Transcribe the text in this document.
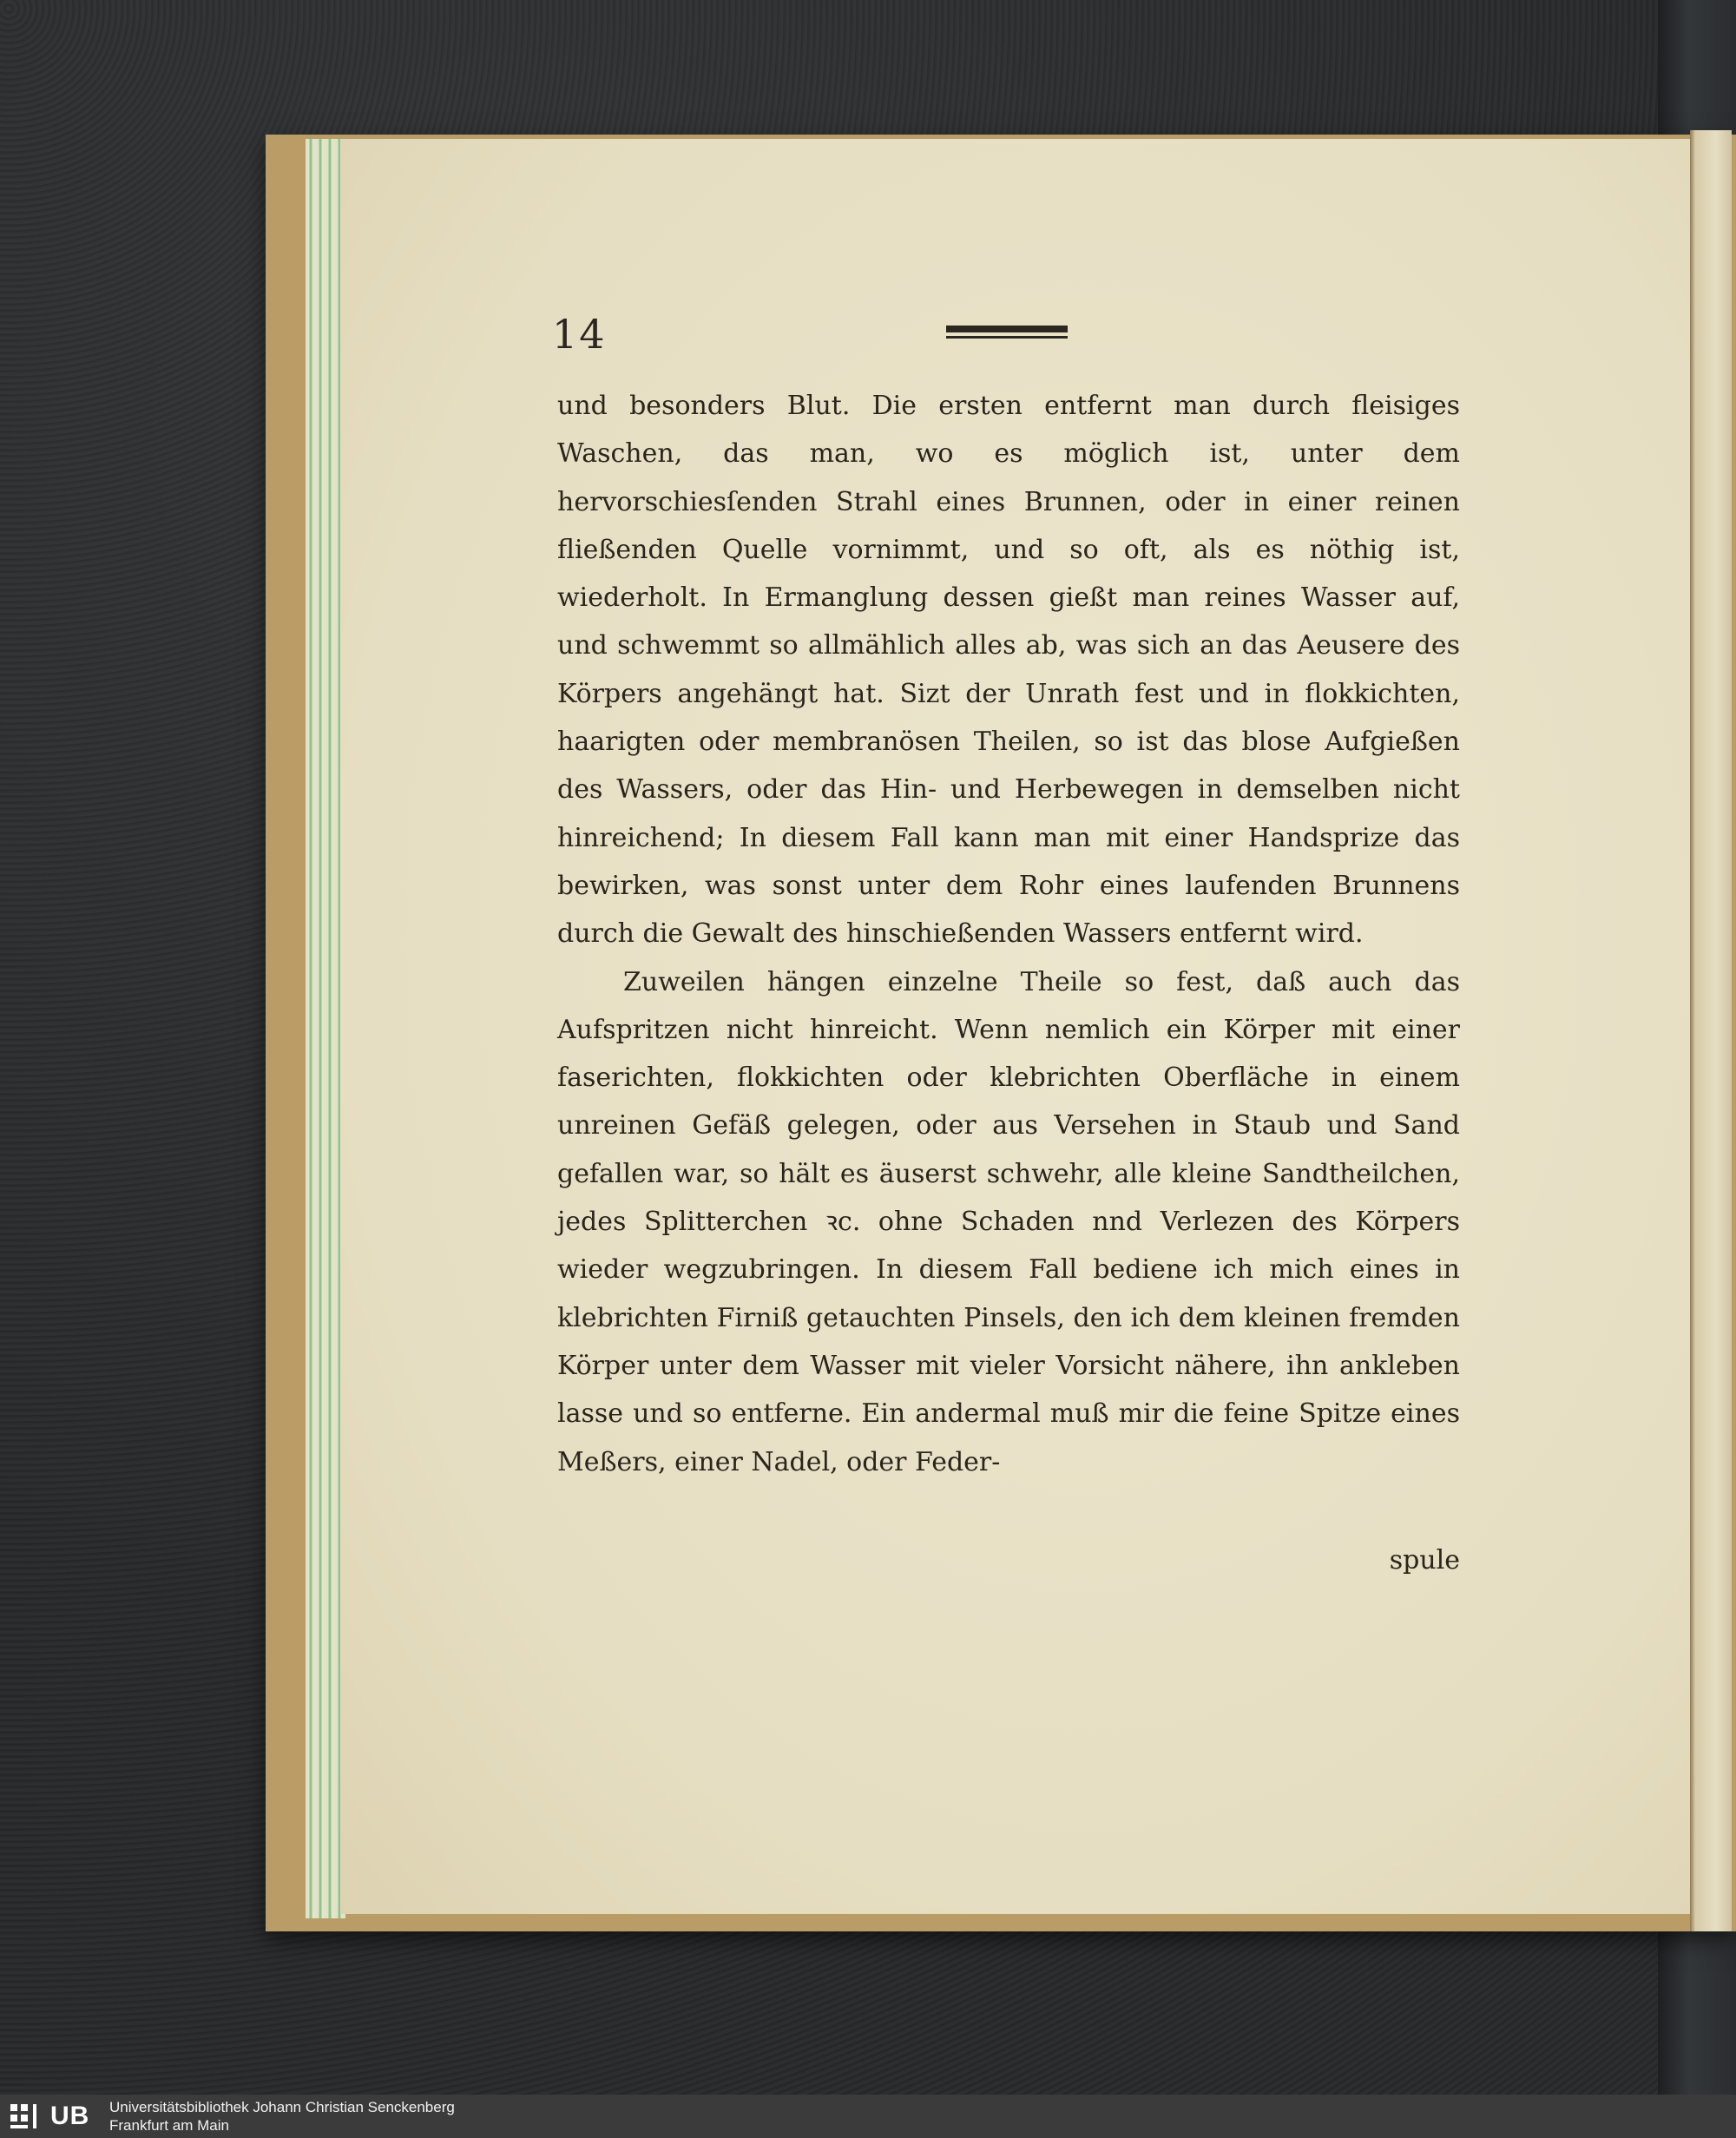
14

und besonders Blut. Die ersten entfernt man durch fleisiges Waschen, das man, wo es möglich ist, unter dem hervorschiesſenden Strahl eines Brunnen, oder in einer reinen fließenden Quelle vornimmt, und so oft, als es nöthig ist, wiederholt. In Ermanglung dessen gießt man reines Wasser auf, und schwemmt so allmählich alles ab, was sich an das Aeusere des Körpers angehängt hat. Sizt der Unrath fest und in flokkichten, haarigten oder membranösen Theilen, so ist das blose Aufgießen des Wassers, oder das Hin- und Herbewegen in demselben nicht hinreichend; In diesem Fall kann man mit einer Handsprize das bewirken, was sonst unter dem Rohr eines laufenden Brunnens durch die Gewalt des hinschießenden Wassers entfernt wird.

Zuweilen hängen einzelne Theile so fest, daß auch das Aufspritzen nicht hinreicht. Wenn nemlich ein Körper mit einer faserichten, flokkichten oder klebrichten Oberfläche in einem unreinen Gefäß gelegen, oder aus Versehen in Staub und Sand gefallen war, so hält es äuserst schwehr, alle kleine Sandtheilchen, jedes Splitterchen ꝛc. ohne Schaden nnd Verlezen des Körpers wieder wegzubringen. In diesem Fall bediene ich mich eines in klebrichten Firniß getauchten Pinsels, den ich dem kleinen fremden Körper unter dem Wasser mit vieler Vorsicht nähere, ihn ankleben lasse und so entferne. Ein andermal muß mir die feine Spitze eines Meßers, einer Nadel, oder Feder-

spule
UB Universitätsbibliothek Johann Christian Senckenberg
Frankfurt am Main
